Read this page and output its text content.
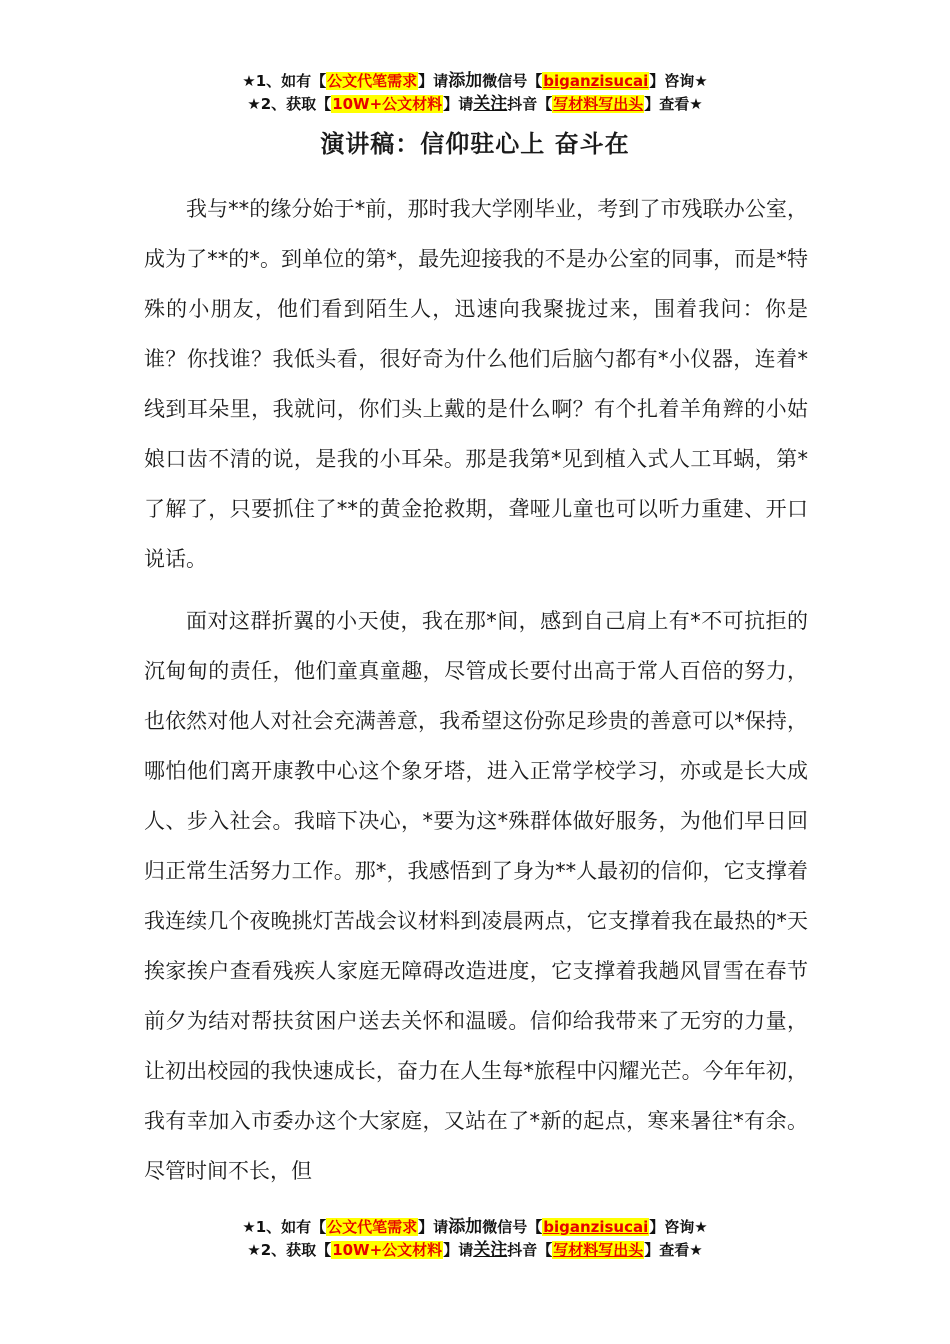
★1、如有【公文代笔需求】请添加微信号【biganzisucai】咨询★
★2、获取【10W+公文材料】请关注抖音【写材料写出头】查看★
演讲稿：信仰驻心上 奋斗在

我与**的缘分始于*前，那时我大学刚毕业，考到了市残联办公室，成为了**的*。到单位的第*，最先迎接我的不是办公室的同事，而是*特殊的小朋友，他们看到陌生人，迅速向我聚拢过来，围着我问：你是谁？你找谁？我低头看，很好奇为什么他们后脑勺都有*小仪器，连着*线到耳朵里，我就问，你们头上戴的是什么啊？有个扎着羊角辫的小姑娘口齿不清的说，是我的小耳朵。那是我第*见到植入式人工耳蜗，第*了解了，只要抓住了**的黄金抢救期，聋哑儿童也可以听力重建、开口说话。

面对这群折翼的小天使，我在那*间，感到自己肩上有*不可抗拒的沉甸甸的责任，他们童真童趣，尽管成长要付出高于常人百倍的努力，也依然对他人对社会充满善意，我希望这份弥足珍贵的善意可以*保持，哪怕他们离开康教中心这个象牙塔，进入正常学校学习，亦或是长大成人、步入社会。我暗下决心，*要为这*殊群体做好服务，为他们早日回归正常生活努力工作。那*，我感悟到了身为**人最初的信仰，它支撑着我连续几个夜晚挑灯苦战会议材料到凌晨两点，它支撑着我在最热的*天挨家挨户查看残疾人家庭无障碍改造进度，它支撑着我趟风冒雪在春节前夕为结对帮扶贫困户送去关怀和温暖。信仰给我带来了无穷的力量，让初出校园的我快速成长，奋力在人生每*旅程中闪耀光芒。今年年初，我有幸加入市委办这个大家庭，又站在了*新的起点，寒来暑往*有余。尽管时间不长，但

★1、如有【公文代笔需求】请添加微信号【biganzisucai】咨询★
★2、获取【10W+公文材料】请关注抖音【写材料写出头】查看★
